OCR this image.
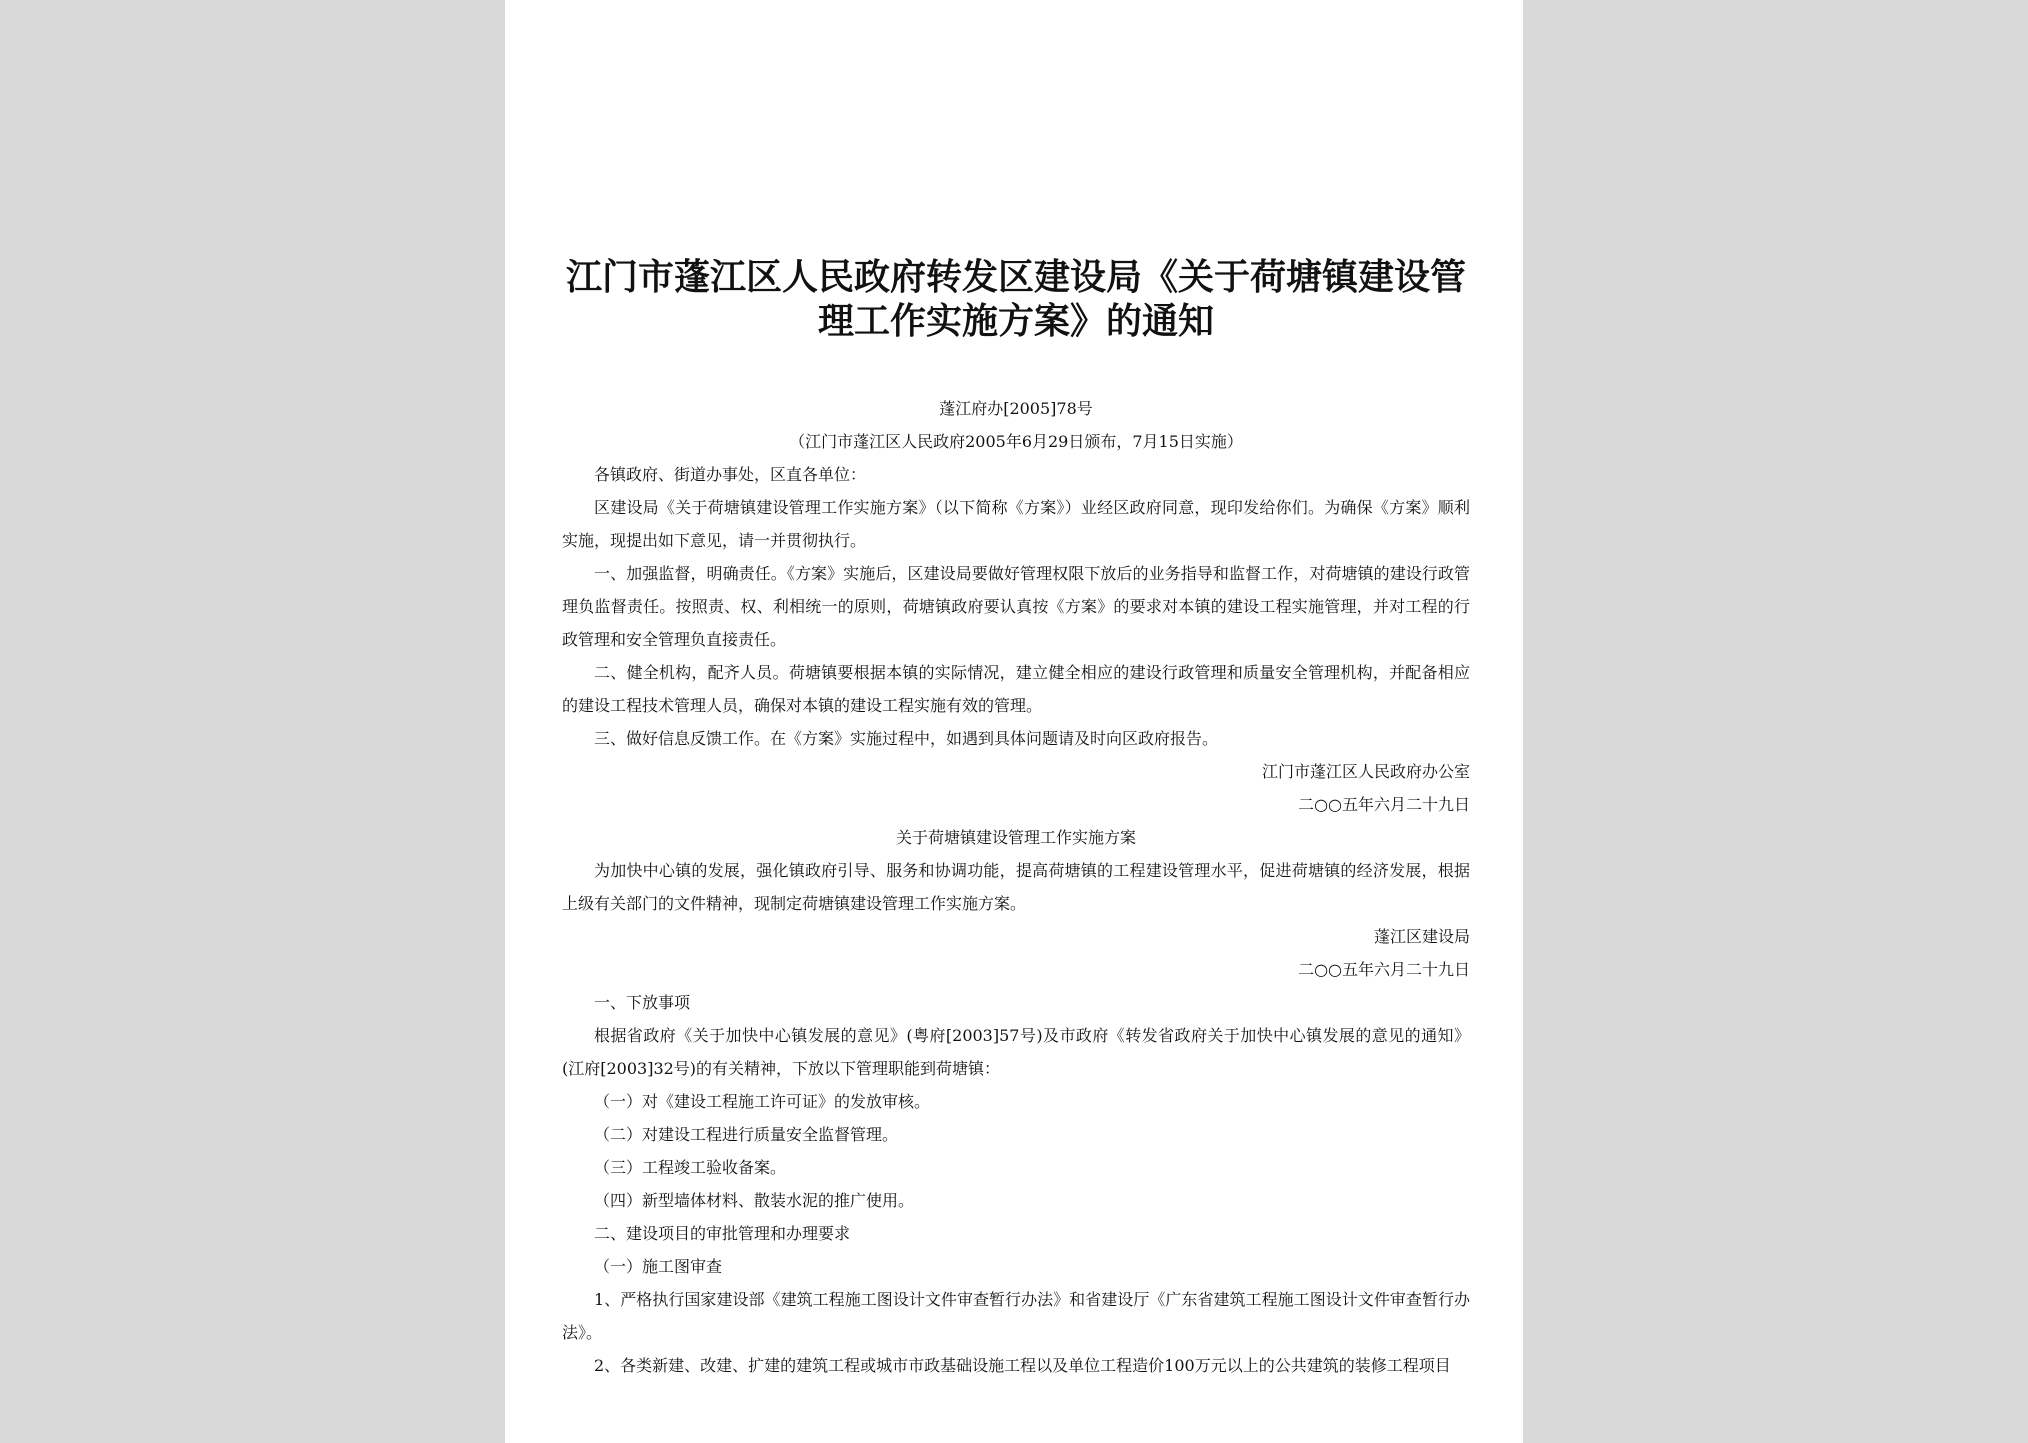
江门市蓬江区人民政府转发区建设局《关于荷塘镇建设管理工作实施方案》的通知

蓬江府办[2005]78号

（江门市蓬江区人民政府2005年6月29日颁布，7月15日实施）

各镇政府、街道办事处，区直各单位：

区建设局《关于荷塘镇建设管理工作实施方案》（以下简称《方案》）业经区政府同意，现印发给你们。为确保《方案》顺利实施，现提出如下意见，请一并贯彻执行。

一、加强监督，明确责任。《方案》实施后，区建设局要做好管理权限下放后的业务指导和监督工作，对荷塘镇的建设行政管理负监督责任。按照责、权、利相统一的原则，荷塘镇政府要认真按《方案》的要求对本镇的建设工程实施管理，并对工程的行政管理和安全管理负直接责任。

二、健全机构，配齐人员。荷塘镇要根据本镇的实际情况，建立健全相应的建设行政管理和质量安全管理机构，并配备相应的建设工程技术管理人员，确保对本镇的建设工程实施有效的管理。

三、做好信息反馈工作。在《方案》实施过程中，如遇到具体问题请及时向区政府报告。

江门市蓬江区人民政府办公室

二○○五年六月二十九日

关于荷塘镇建设管理工作实施方案

为加快中心镇的发展，强化镇政府引导、服务和协调功能，提高荷塘镇的工程建设管理水平，促进荷塘镇的经济发展，根据上级有关部门的文件精神，现制定荷塘镇建设管理工作实施方案。

蓬江区建设局

二○○五年六月二十九日

一、下放事项

根据省政府《关于加快中心镇发展的意见》(粤府[2003]57号)及市政府《转发省政府关于加快中心镇发展的意见的通知》(江府[2003]32号)的有关精神，下放以下管理职能到荷塘镇：

（一）对《建设工程施工许可证》的发放审核。

（二）对建设工程进行质量安全监督管理。

（三）工程竣工验收备案。

（四）新型墙体材料、散装水泥的推广使用。

二、建设项目的审批管理和办理要求

（一）施工图审查

1、严格执行国家建设部《建筑工程施工图设计文件审查暂行办法》和省建设厅《广东省建筑工程施工图设计文件审查暂行办法》。

2、各类新建、改建、扩建的建筑工程或城市市政基础设施工程以及单位工程造价100万元以上的公共建筑的装修工程项目
